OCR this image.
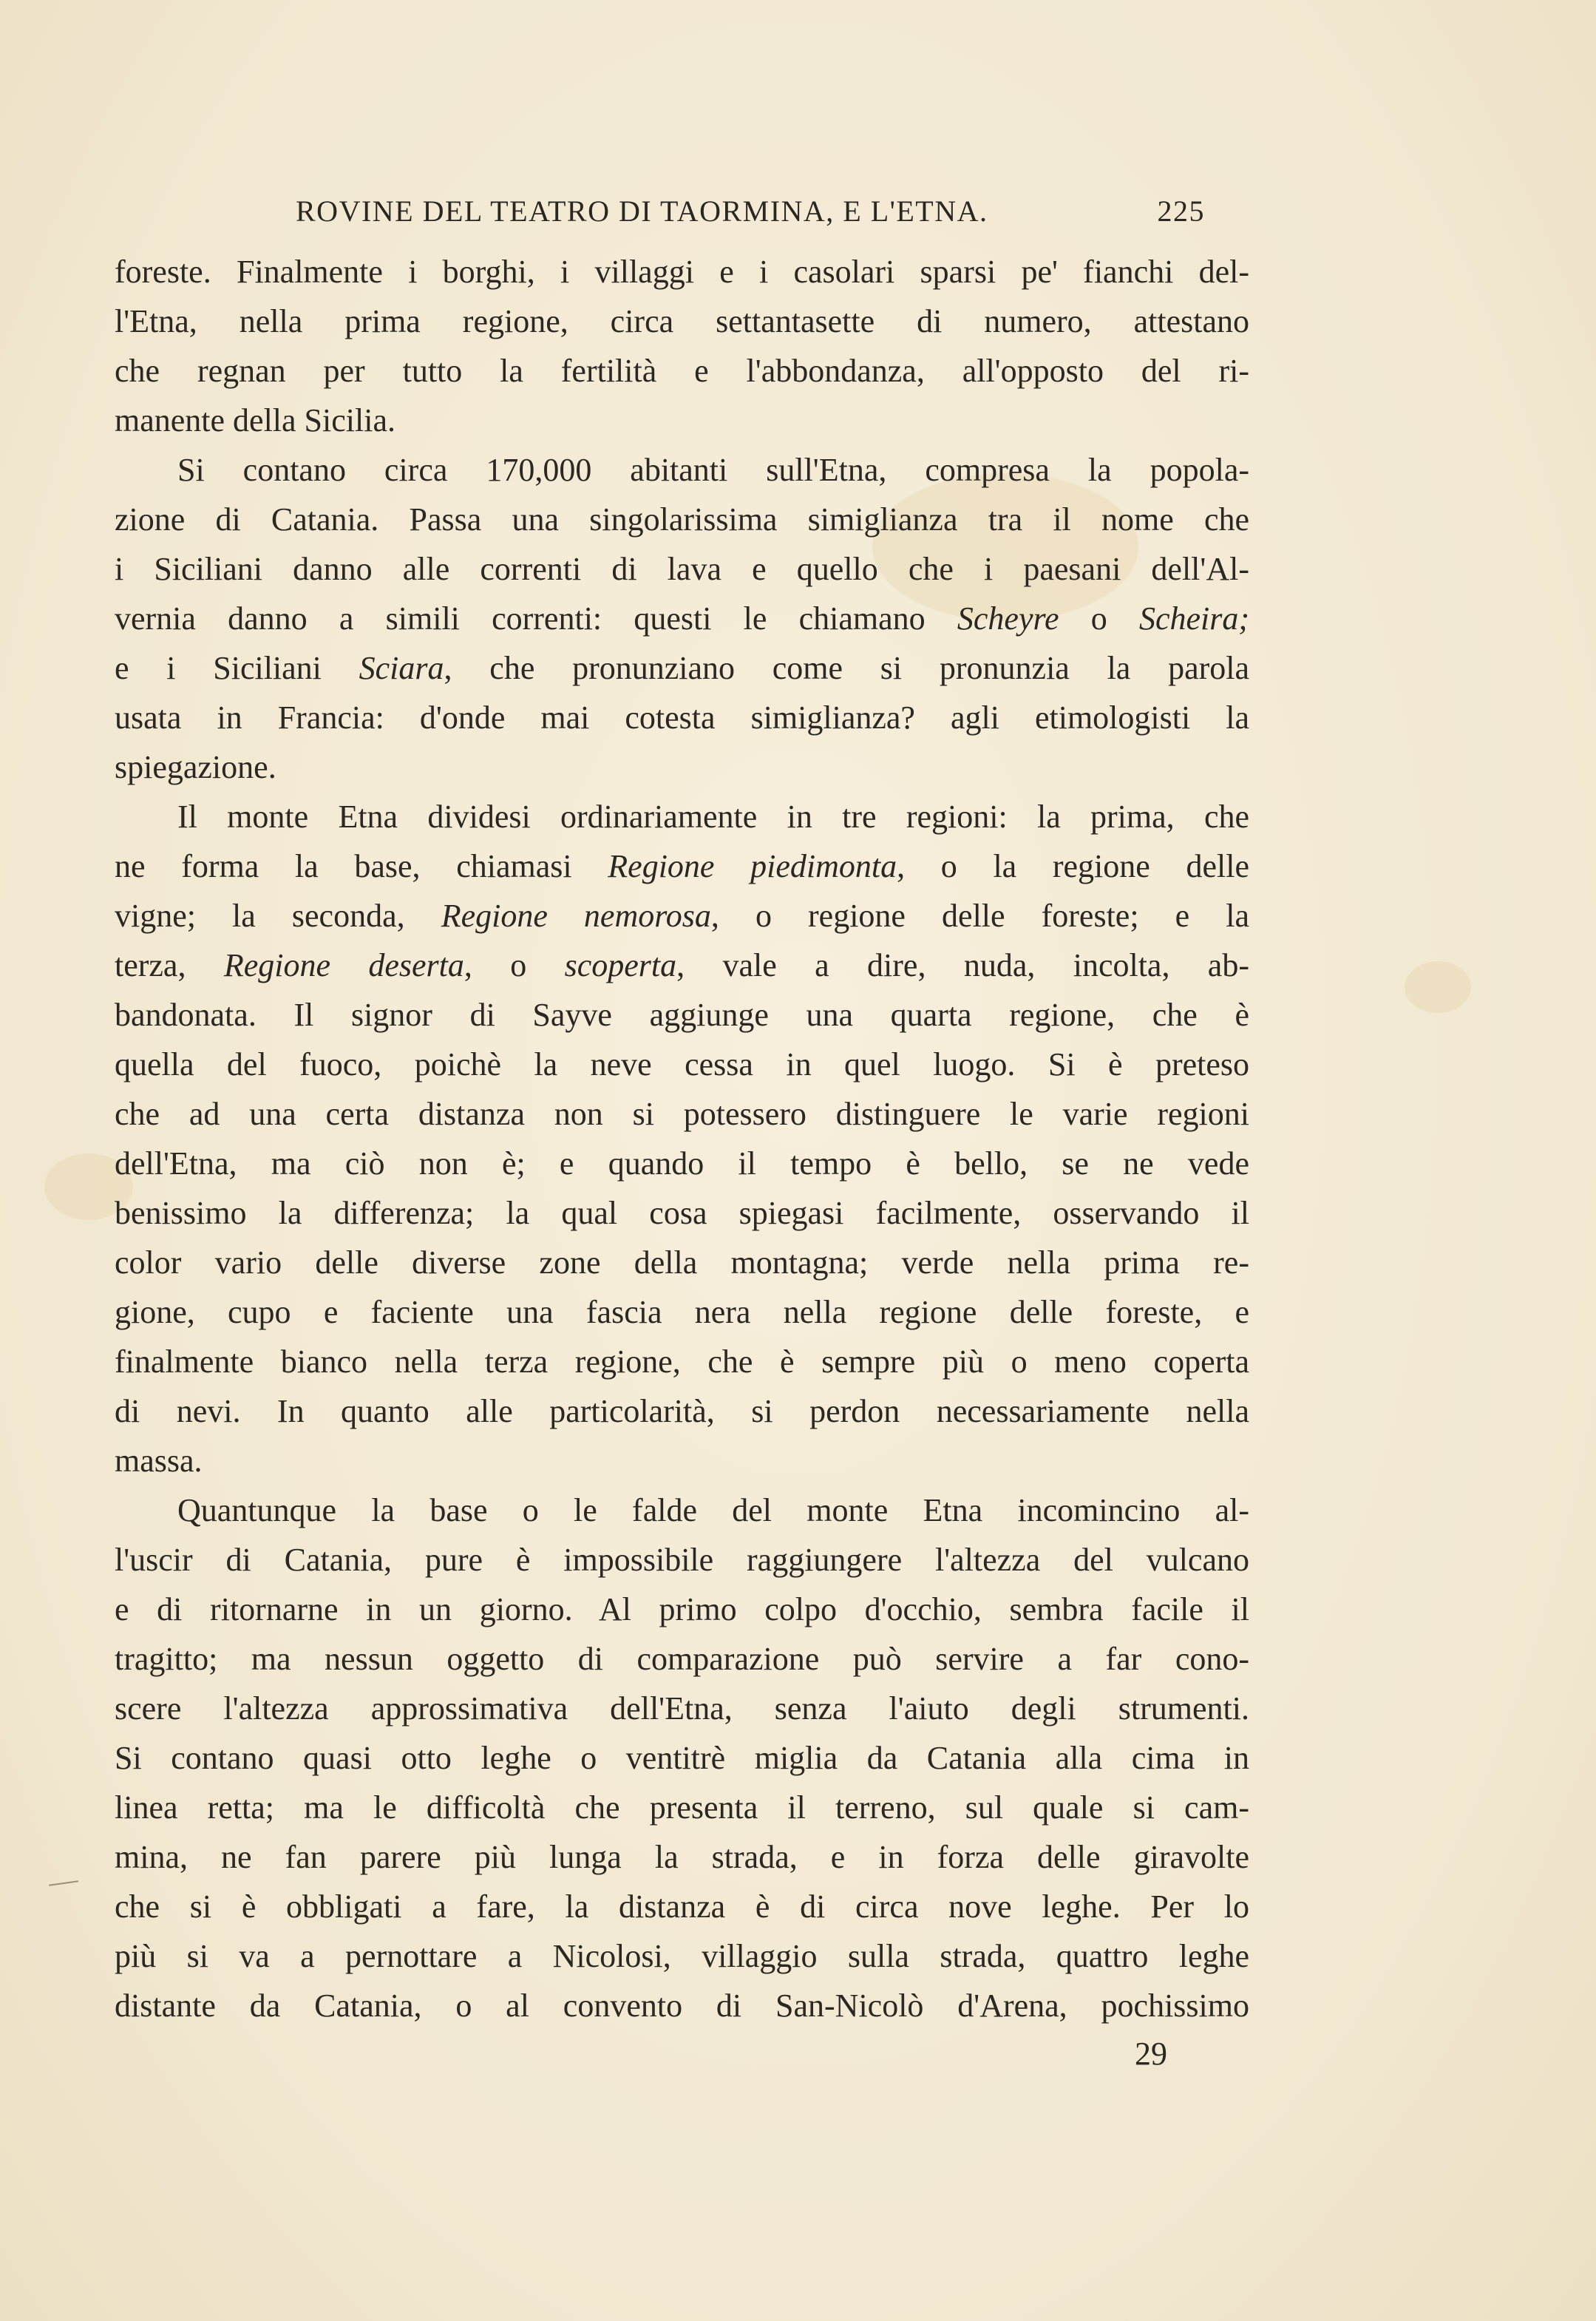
ROVINE DEL TEATRO DI TAORMINA, E L'ETNA.	225
foreste. Finalmente i borghi, i villaggi e i casolari sparsi pe' fianchi del-
l'Etna, nella prima regione, circa settantasette di numero, attestano
che regnan per tutto la fertilità e l'abbondanza, all'opposto del ri-
manente della Sicilia.
Si contano circa 170,000 abitanti sull'Etna, compresa la popola-
zione di Catania. Passa una singolarissima simiglianza tra il nome che
i Siciliani danno alle correnti di lava e quello che i paesani dell'Al-
vernia danno a simili correnti: questi le chiamano Scheyre o Scheira;
e i Siciliani Sciara, che pronunziano come si pronunzia la parola
usata in Francia: d'onde mai cotesta simiglianza? agli etimologisti la
spiegazione.
Il monte Etna dividesi ordinariamente in tre regioni: la prima, che
ne forma la base, chiamasi Regione piedimonta, o la regione delle
vigne; la seconda, Regione nemorosa, o regione delle foreste; e la
terza, Regione deserta, o scoperta, vale a dire, nuda, incolta, ab-
bandonata. Il signor di Sayve aggiunge una quarta regione, che è
quella del fuoco, poichè la neve cessa in quel luogo. Si è preteso
che ad una certa distanza non si potessero distinguere le varie regioni
dell'Etna, ma ciò non è; e quando il tempo è bello, se ne vede
benissimo la differenza; la qual cosa spiegasi facilmente, osservando il
color vario delle diverse zone della montagna; verde nella prima re-
gione, cupo e faciente una fascia nera nella regione delle foreste, e
finalmente bianco nella terza regione, che è sempre più o meno coperta
di nevi. In quanto alle particolarità, si perdon necessariamente nella
massa.
Quantunque la base o le falde del monte Etna incomincino al-
l'uscir di Catania, pure è impossibile raggiungere l'altezza del vulcano
e di ritornarne in un giorno. Al primo colpo d'occhio, sembra facile il
tragitto; ma nessun oggetto di comparazione può servire a far cono-
scere l'altezza approssimativa dell'Etna, senza l'aiuto degli strumenti.
Si contano quasi otto leghe o ventitrè miglia da Catania alla cima in
linea retta; ma le difficoltà che presenta il terreno, sul quale si cam-
mina, ne fan parere più lunga la strada, e in forza delle giravolte
che si è obbligati a fare, la distanza è di circa nove leghe. Per lo
più si va a pernottare a Nicolosi, villaggio sulla strada, quattro leghe
distante da Catania, o al convento di San-Nicolò d'Arena, pochissimo
29
